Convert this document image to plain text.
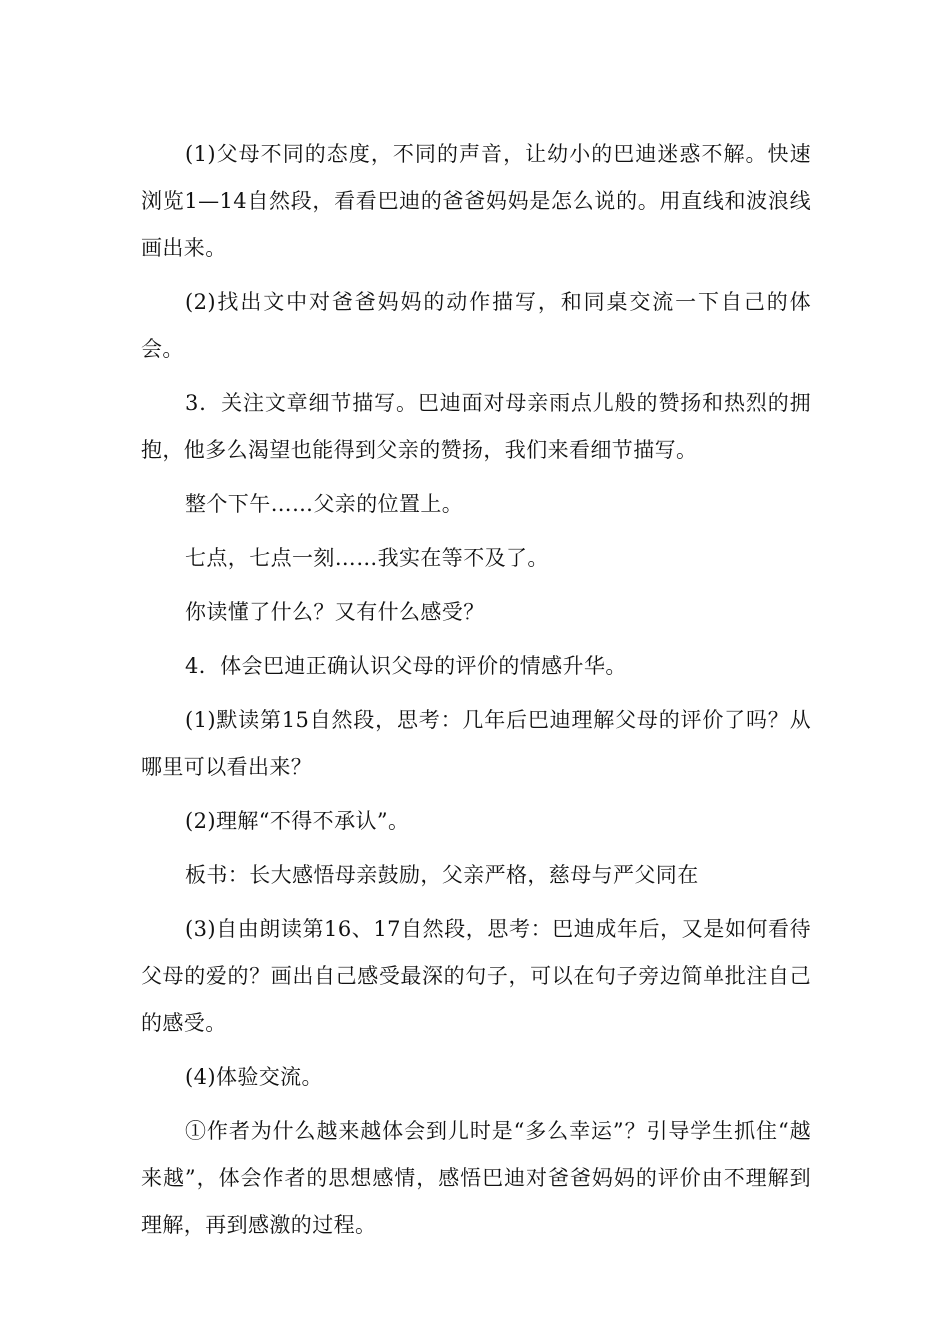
(1)父母不同的态度，不同的声音，让幼小的巴迪迷惑不解。快速浏览1—14自然段，看看巴迪的爸爸妈妈是怎么说的。用直线和波浪线画出来。

(2)找出文中对爸爸妈妈的动作描写，和同桌交流一下自己的体会。

3．关注文章细节描写。巴迪面对母亲雨点儿般的赞扬和热烈的拥抱，他多么渴望也能得到父亲的赞扬，我们来看细节描写。

整个下午……父亲的位置上。

七点，七点一刻……我实在等不及了。

你读懂了什么？又有什么感受？

4．体会巴迪正确认识父母的评价的情感升华。

(1)默读第15自然段，思考：几年后巴迪理解父母的评价了吗？从哪里可以看出来？

(2)理解“不得不承认”。

板书：长大感悟母亲鼓励，父亲严格，慈母与严父同在

(3)自由朗读第16、17自然段，思考：巴迪成年后，又是如何看待父母的爱的？画出自己感受最深的句子，可以在句子旁边简单批注自己的感受。

(4)体验交流。

①作者为什么越来越体会到儿时是“多么幸运”？引导学生抓住“越来越”，体会作者的思想感情，感悟巴迪对爸爸妈妈的评价由不理解到理解，再到感激的过程。
